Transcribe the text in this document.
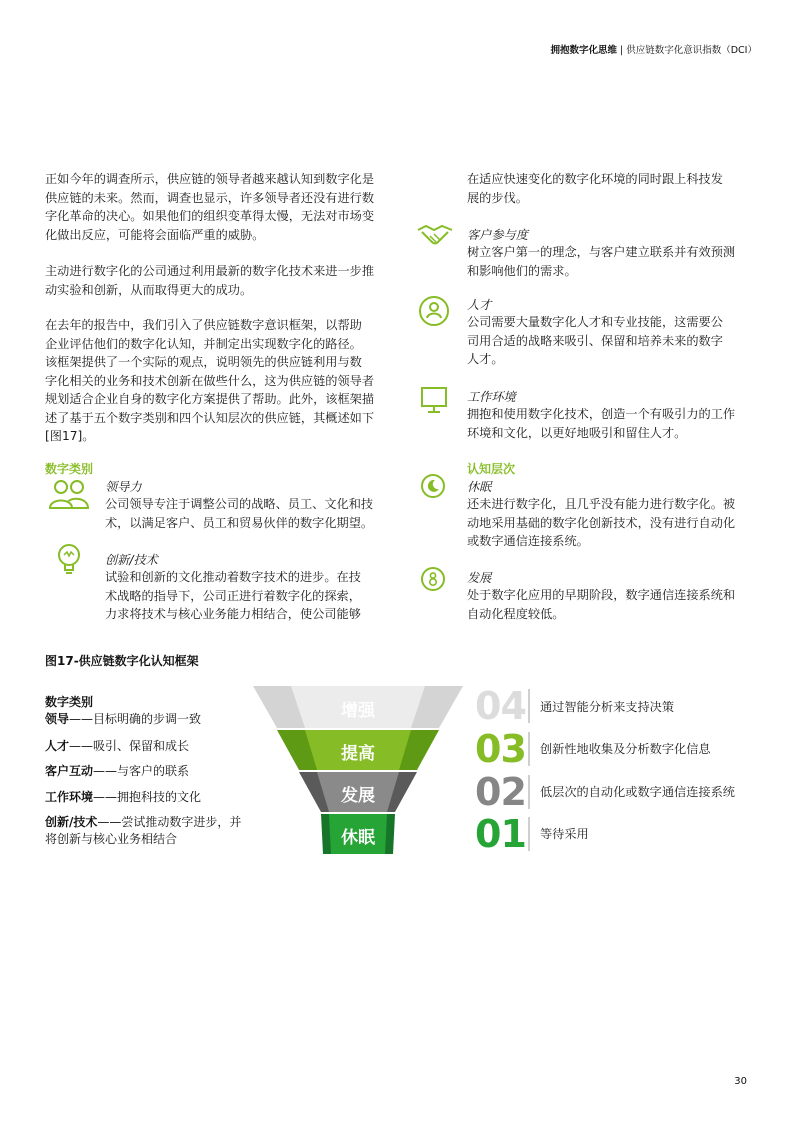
拥抱数字化思维 | 供应链数字化意识指数（DCI）
正如今年的调查所示，供应链的领导者越来越认知到数字化是
供应链的未来。然而，调查也显示，许多领导者还没有进行数
字化革命的决心。如果他们的组织变革得太慢，无法对市场变
化做出反应，可能将会面临严重的威胁。
主动进行数字化的公司通过利用最新的数字化技术来进一步推
动实验和创新，从而取得更大的成功。
在去年的报告中，我们引入了供应链数字意识框架，以帮助
企业评估他们的数字化认知，并制定出实现数字化的路径。
该框架提供了一个实际的观点，说明领先的供应链利用与数
字化相关的业务和技术创新在做些什么，这为供应链的领导者
规划适合企业自身的数字化方案提供了帮助。此外，该框架描
述了基于五个数字类别和四个认知层次的供应链，其概述如下
[图17]。
数字类别
领导力
公司领导专注于调整公司的战略、员工、文化和技
术，以满足客户、员工和贸易伙伴的数字化期望。
创新/技术
试验和创新的文化推动着数字技术的进步。在技
术战略的指导下，公司正进行着数字化的探索，
力求将技术与核心业务能力相结合，使公司能够
在适应快速变化的数字化环境的同时跟上科技发
展的步伐。
客户参与度
树立客户第一的理念，与客户建立联系并有效预测
和影响他们的需求。
人才
公司需要大量数字化人才和专业技能，这需要公
司用合适的战略来吸引、保留和培养未来的数字
人才。
工作环境
拥抱和使用数字化技术，创造一个有吸引力的工作
环境和文化，以更好地吸引和留住人才。
认知层次
休眠
还未进行数字化，且几乎没有能力进行数字化。被
动地采用基础的数字化创新技术，没有进行自动化
或数字通信连接系统。
发展
处于数字化应用的早期阶段，数字通信连接系统和
自动化程度较低。
图17-供应链数字化认知框架
数字类别
领导——目标明确的步调一致
人才——吸引、保留和成长
客户互动——与客户的联系
工作环境——拥抱科技的文化
创新/技术——尝试推动数字进步，并
将创新与核心业务相结合
增强
提高
发展
休眠
04 通过智能分析来支持决策
03 创新性地收集及分析数字化信息
02 低层次的自动化或数字通信连接系统
01 等待采用
30
